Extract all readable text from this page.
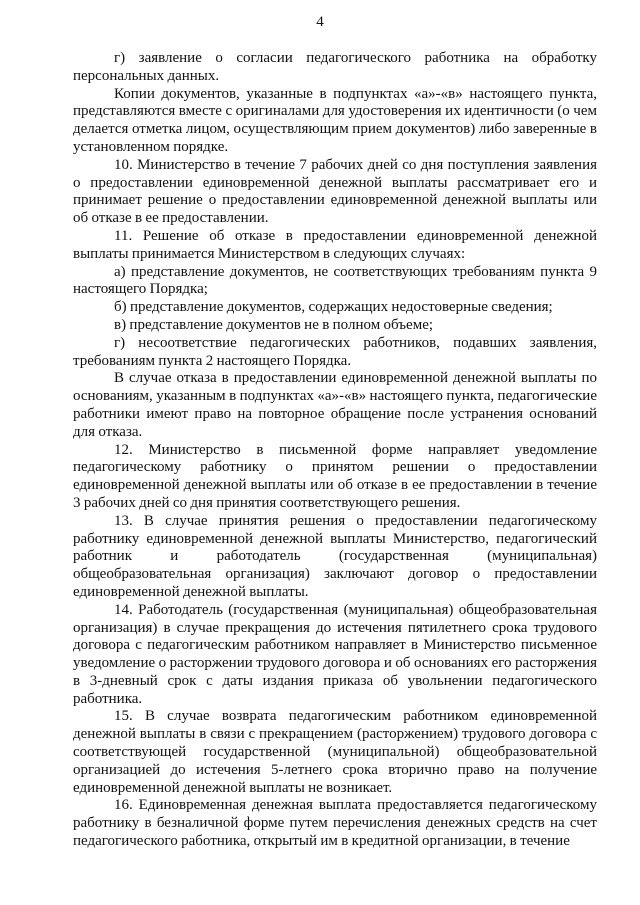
4

г) заявление о согласии педагогического работника на обработку персональных данных.

Копии документов, указанные в подпунктах «а»-«в» настоящего пункта, представляются вместе с оригиналами для удостоверения их идентичности (о чем делается отметка лицом, осуществляющим прием документов) либо заверенные в установленном порядке.

10. Министерство в течение 7 рабочих дней со дня поступления заявления о предоставлении единовременной денежной выплаты рассматривает его и принимает решение о предоставлении единовременной денежной выплаты или об отказе в ее предоставлении.

11. Решение об отказе в предоставлении единовременной денежной выплаты принимается Министерством в следующих случаях:

а) представление документов, не соответствующих требованиям пункта 9 настоящего Порядка;

б) представление документов, содержащих недостоверные сведения;

в) представление документов не в полном объеме;

г) несоответствие педагогических работников, подавших заявления, требованиям пункта 2 настоящего Порядка.

В случае отказа в предоставлении единовременной денежной выплаты по основаниям, указанным в подпунктах «а»-«в» настоящего пункта, педагогические работники имеют право на повторное обращение после устранения оснований для отказа.

12. Министерство в письменной форме направляет уведомление педагогическому работнику о принятом решении о предоставлении единовременной денежной выплаты или об отказе в ее предоставлении в течение 3 рабочих дней со дня принятия соответствующего решения.

13. В случае принятия решения о предоставлении педагогическому работнику единовременной денежной выплаты Министерство, педагогический работник и работодатель (государственная (муниципальная) общеобразовательная организация) заключают договор о предоставлении единовременной денежной выплаты.

14. Работодатель (государственная (муниципальная) общеобразовательная организация) в случае прекращения до истечения пятилетнего срока трудового договора с педагогическим работником направляет в Министерство письменное уведомление о расторжении трудового договора и об основаниях его расторжения в 3-дневный срок с даты издания приказа об увольнении педагогического работника.

15. В случае возврата педагогическим работником единовременной денежной выплаты в связи с прекращением (расторжением) трудового договора с соответствующей государственной (муниципальной) общеобразовательной организацией до истечения 5-летнего срока вторично право на получение единовременной денежной выплаты не возникает.

16. Единовременная денежная выплата предоставляется педагогическому работнику в безналичной форме путем перечисления денежных средств на счет педагогического работника, открытый им в кредитной организации, в течение
